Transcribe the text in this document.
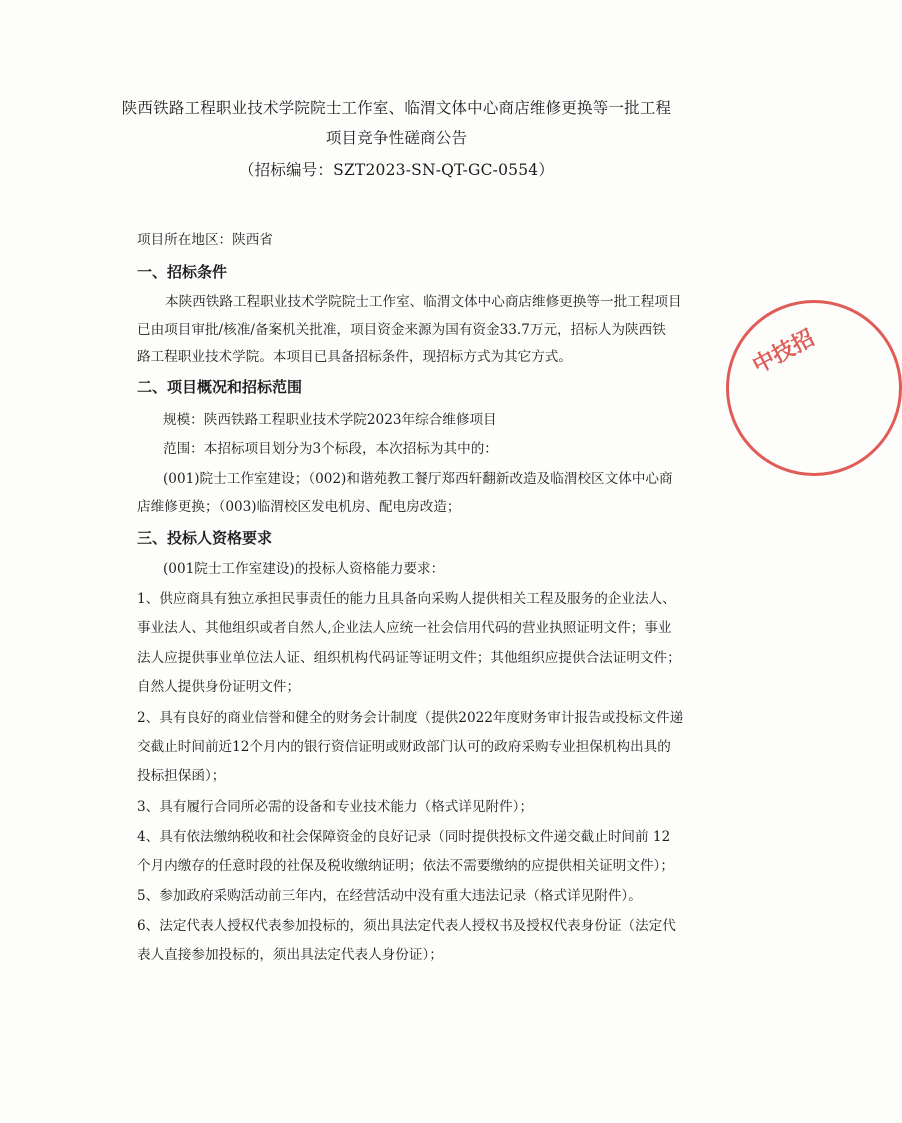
陕西铁路工程职业技术学院院士工作室、临渭文体中心商店维修更换等一批工程
项目竞争性磋商公告
（招标编号：SZT2023-SN-QT-GC-0554）
项目所在地区：陕西省
一、招标条件
本陕西铁路工程职业技术学院院士工作室、临渭文体中心商店维修更换等一批工程项目
已由项目审批/核准/备案机关批准，项目资金来源为国有资金33.7万元，招标人为陕西铁
路工程职业技术学院。本项目已具备招标条件，现招标方式为其它方式。
二、项目概况和招标范围
规模：陕西铁路工程职业技术学院2023年综合维修项目
范围：本招标项目划分为3个标段，本次招标为其中的：
(001)院士工作室建设；（002)和谐苑教工餐厅郑西轩翻新改造及临渭校区文体中心商
店维修更换；（003)临渭校区发电机房、配电房改造；
三、投标人资格要求
(001院士工作室建设)的投标人资格能力要求：
1、供应商具有独立承担民事责任的能力且具备向采购人提供相关工程及服务的企业法人、
事业法人、其他组织或者自然人,企业法人应统一社会信用代码的营业执照证明文件；事业
法人应提供事业单位法人证、组织机构代码证等证明文件；其他组织应提供合法证明文件；
自然人提供身份证明文件；
2、具有良好的商业信誉和健全的财务会计制度（提供2022年度财务审计报告或投标文件递
交截止时间前近12个月内的银行资信证明或财政部门认可的政府采购专业担保机构出具的
投标担保函）；
3、具有履行合同所必需的设备和专业技术能力（格式详见附件）；
4、具有依法缴纳税收和社会保障资金的良好记录（同时提供投标文件递交截止时间前 12
个月内缴存的任意时段的社保及税收缴纳证明；依法不需要缴纳的应提供相关证明文件）；
5、参加政府采购活动前三年内，在经营活动中没有重大违法记录（格式详见附件）。
6、法定代表人授权代表参加投标的，须出具法定代表人授权书及授权代表身份证（法定代
表人直接参加投标的，须出具法定代表人身份证）；
中技招
